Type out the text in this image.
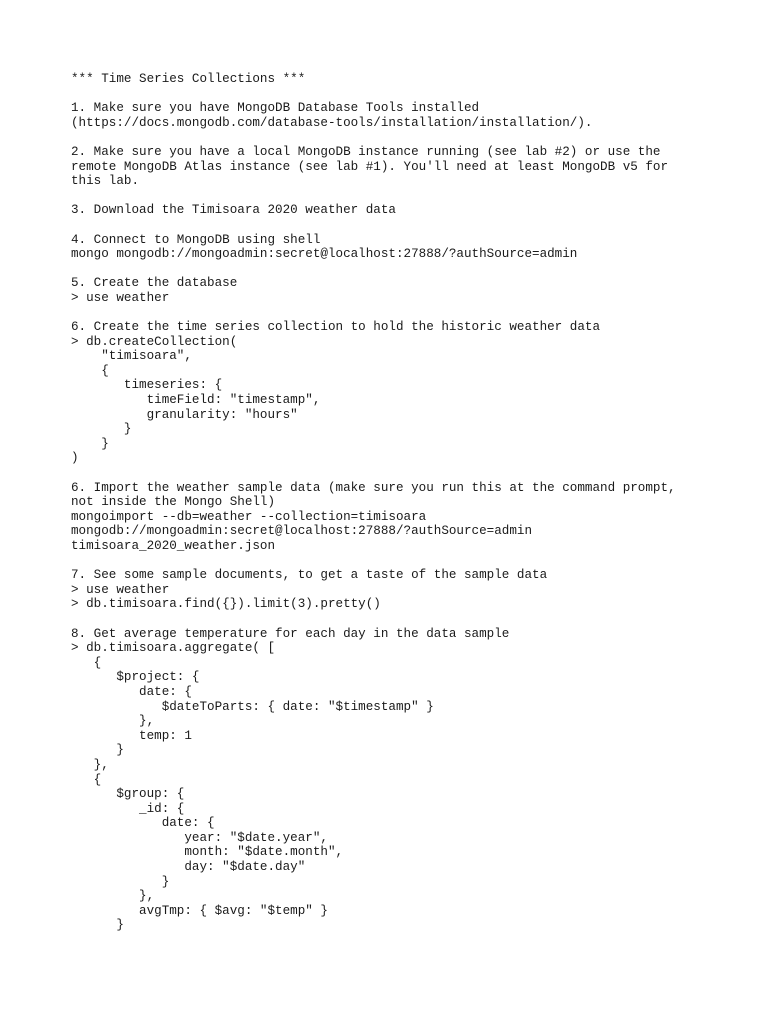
*** Time Series Collections ***
1. Make sure you have MongoDB Database Tools installed
(https://docs.mongodb.com/database-tools/installation/installation/).
2. Make sure you have a local MongoDB instance running (see lab #2) or use the
remote MongoDB Atlas instance (see lab #1). You'll need at least MongoDB v5 for
this lab.
3. Download the Timisoara 2020 weather data
4. Connect to MongoDB using shell
mongo mongodb://mongoadmin:secret@localhost:27888/?authSource=admin
5. Create the database
> use weather
6. Create the time series collection to hold the historic weather data
> db.createCollection(
"timisoara",
{
timeseries: {
timeField: "timestamp",
granularity: "hours"
}
}
)
6. Import the weather sample data (make sure you run this at the command prompt,
not inside the Mongo Shell)
mongoimport --db=weather --collection=timisoara
mongodb://mongoadmin:secret@localhost:27888/?authSource=admin
timisoara_2020_weather.json
7. See some sample documents, to get a taste of the sample data
> use weather
> db.timisoara.find({}).limit(3).pretty()
8. Get average temperature for each day in the data sample
> db.timisoara.aggregate( [
{
$project: {
date: {
$dateToParts: { date: "$timestamp" }
},
temp: 1
}
},
{
$group: {
_id: {
date: {
year: "$date.year",
month: "$date.month",
day: "$date.day"
}
},
avgTmp: { $avg: "$temp" }
}
